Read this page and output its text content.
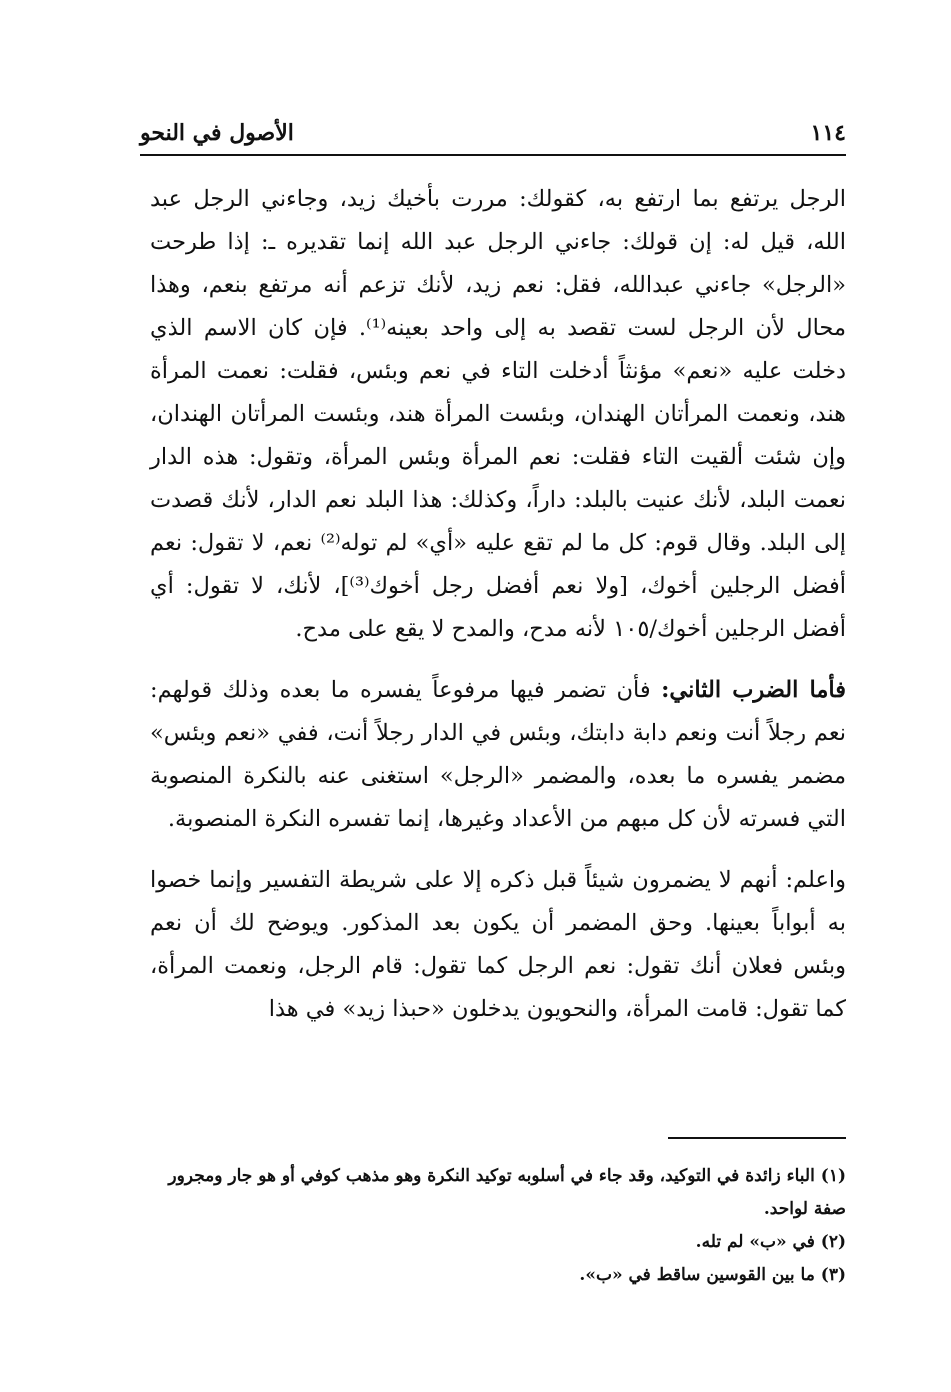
١١٤
الأصول في النحو

الرجل يرتفع بما ارتفع به، كقولك: مررت بأخيك زيد، وجاءني الرجل عبد الله، قيل له: إن قولك: جاءني الرجل عبد الله إنما تقديره ـ: إذا طرحت «الرجل» جاءني عبدالله، فقل: نعم زيد، لأنك تزعم أنه مرتفع بنعم، وهذا محال لأن الرجل لست تقصد به إلى واحد بعينه⁽¹⁾. فإن كان الاسم الذي دخلت عليه «نعم» مؤنثاً أدخلت التاء في نعم وبئس، فقلت: نعمت المرأة هند، ونعمت المرأتان الهندان، وبئست المرأة هند، وبئست المرأتان الهندان، وإن شئت ألقيت التاء فقلت: نعم المرأة وبئس المرأة، وتقول: هذه الدار نعمت البلد، لأنك عنيت بالبلد: داراً، وكذلك: هذا البلد نعم الدار، لأنك قصدت إلى البلد. وقال قوم: كل ما لم تقع عليه «أي» لم توله⁽²⁾ نعم، لا تقول: نعم أفضل الرجلين أخوك، [ولا نعم أفضل رجل أخوك⁽³⁾]، لأنك، لا تقول: أي أفضل الرجلين أخوك/١٠٥ لأنه مدح، والمدح لا يقع على مدح.

فأما الضرب الثاني: فأن تضمر فيها مرفوعاً يفسره ما بعده وذلك قولهم: نعم رجلاً أنت ونعم دابة دابتك، وبئس في الدار رجلاً أنت، ففي «نعم وبئس» مضمر يفسره ما بعده، والمضمر «الرجل» استغنى عنه بالنكرة المنصوبة التي فسرته لأن كل مبهم من الأعداد وغيرها، إنما تفسره النكرة المنصوبة.

واعلم: أنهم لا يضمرون شيئاً قبل ذكره إلا على شريطة التفسير وإنما خصوا به أبواباً بعينها. وحق المضمر أن يكون بعد المذكور. ويوضح لك أن نعم وبئس فعلان أنك تقول: نعم الرجل كما تقول: قام الرجل، ونعمت المرأة، كما تقول: قامت المرأة، والنحويون يدخلون «حبذا زيد» في هذا

(١) الباء زائدة في التوكيد، وقد جاء في أسلوبه توكيد النكرة وهو مذهب كوفي أو هو جار ومجرور صفة لواحد.

(٢) في «ب» لم تله.

(٣) ما بين القوسين ساقط في «ب».
